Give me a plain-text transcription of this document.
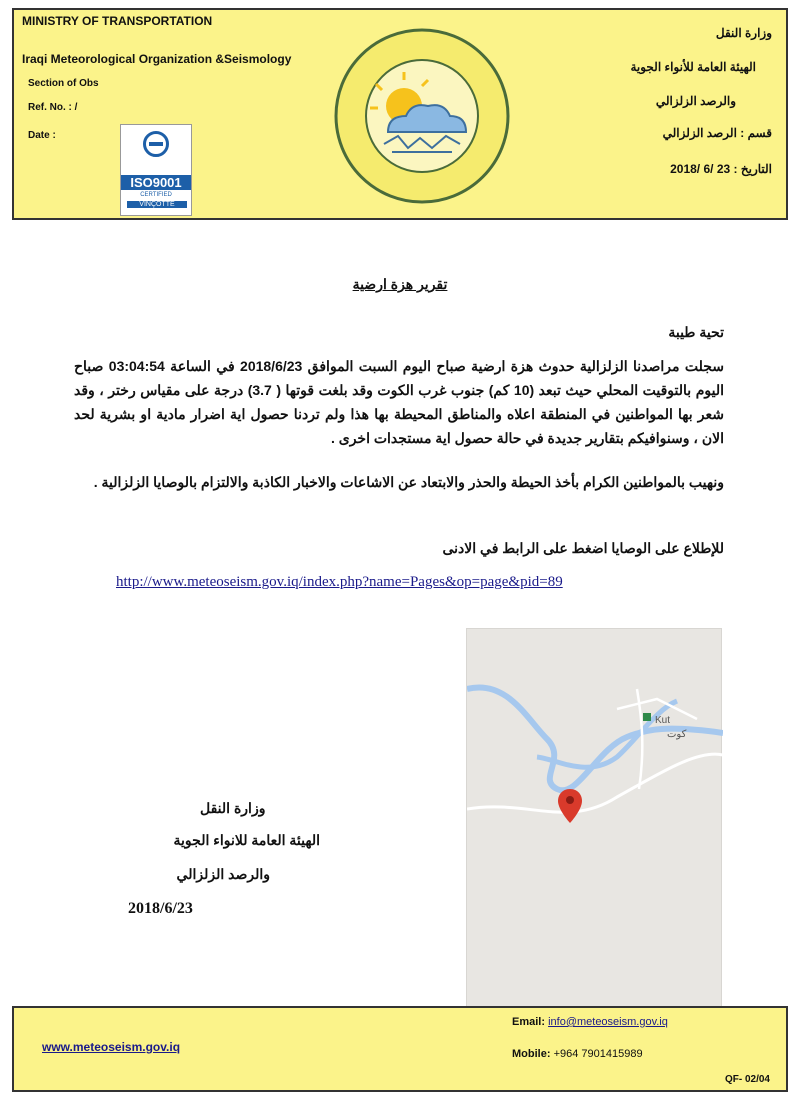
MINISTRY OF TRANSPORTATION
Iraqi Meteorological Organization &Seismology
Section of Obs
Ref. No. : /
Date :
ISO9001
CERTIFIED
VINÇOTTE
وزارة النقل
الهيئة العامة للأنواء الجوية
والرصد الزلزالي
قسم : الرصد الزلزالي
التاريخ : 23 /6 /2018
تقرير هزة ارضية
تحية طيبة
سجلت مراصدنا الزلزالية حدوث هزة ارضية صباح اليوم السبت الموافق 2018/6/23 في الساعة 03:04:54 صباح اليوم بالتوقيت المحلي حيث تبعد (10 كم) جنوب غرب الكوت وقد بلغت قوتها ( 3.7) درجة على مقياس رختر ، وقد شعر بها المواطنين في المنطقة اعلاه والمناطق المحيطة بها هذا ولم تردنا حصول اية اضرار مادية او بشرية لحد الان ، وسنوافيكم بتقارير جديدة في حالة حصول اية مستجدات اخرى .
ونهيب بالمواطنين الكرام بأخذ الحيطة والحذر والابتعاد عن الاشاعات والاخبار الكاذبة والالتزام بالوصايا الزلزالية .
للإطلاع على الوصايا اضغط على الرابط في الادنى
http://www.meteoseism.gov.iq/index.php?name=Pages&op=page&pid=89
Kut
كوت
وزارة النقل
الهيئة العامة للانواء الجوية
والرصد الزلزالي
2018/6/23
www.meteoseism.gov.iq
Email: info@meteoseism.gov.iq
Mobile: +964 7901415989
QF- 02/04
